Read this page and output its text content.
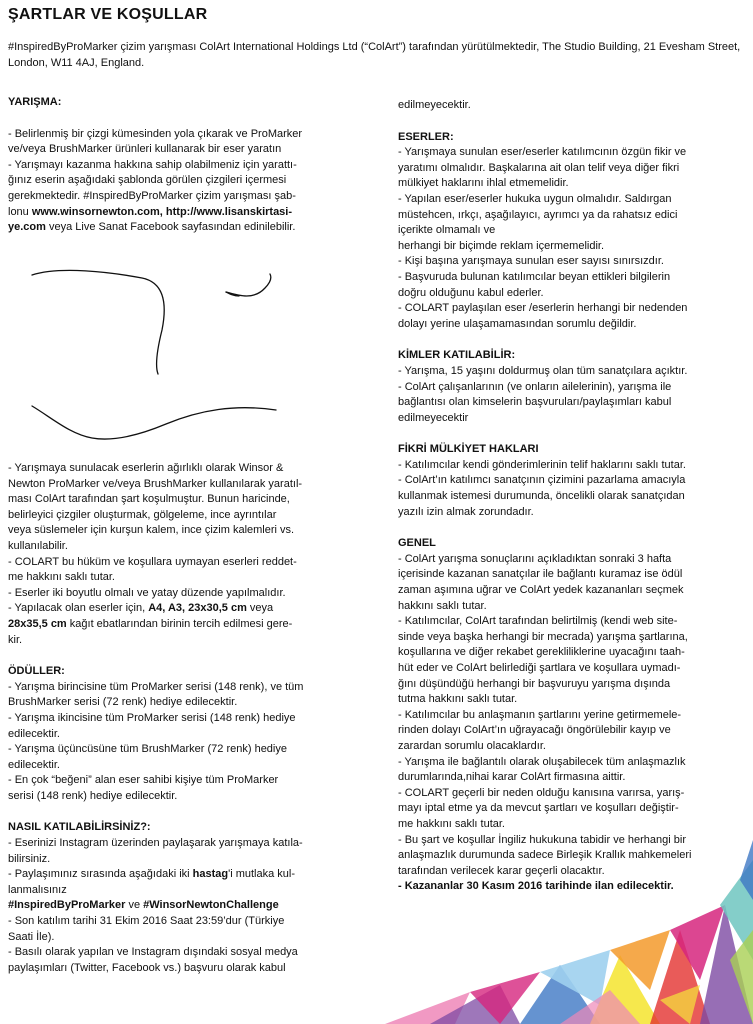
ŞARTLAR VE KOŞULLAR

#InspiredByProMarker çizim yarışması ColArt International Holdings Ltd (“ColArt”) tarafından yürütülmektedir, The Studio Building, 21 Evesham Street, London, W11 4AJ, England.

YARIŞMA:

- Belirlenmiş bir çizgi kümesinden yola çıkarak ve ProMarker

ve/veya BrushMarker ürünleri kullanarak bir eser yaratın

- Yarışmayı kazanma hakkına sahip olabilmeniz için yarattı-

ğınız eserin aşağıdaki şablonda görülen çizgileri içermesi

gerekmektedir. #InspiredByProMarker çizim yarışması şab-

lonu www.winsornewton.com, http://www.lisanskirtasi-

ye.com veya Live Sanat Facebook sayfasından edinilebilir.

- Yarışmaya sunulacak eserlerin ağırlıklı olarak Winsor &

Newton ProMarker ve/veya BrushMarker kullanılarak yaratıl-

ması ColArt tarafından şart koşulmuştur. Bunun haricinde,

belirleyici çizgiler oluşturmak, gölgeleme, ince ayrıntılar

veya süslemeler için kurşun kalem, ince çizim kalemleri vs.

kullanılabilir.

- COLART bu hüküm ve koşullara uymayan eserleri reddet-

me hakkını saklı tutar.

- Eserler iki boyutlu olmalı ve yatay düzende yapılmalıdır.

- Yapılacak olan eserler için, A4, A3, 23x30,5 cm veya

28x35,5 cm kağıt ebatlarından birinin tercih edilmesi gere-

kir.

ÖDÜLLER:

- Yarışma birincisine tüm ProMarker serisi (148 renk), ve tüm

BrushMarker serisi (72 renk) hediye edilecektir.

- Yarışma ikincisine tüm ProMarker serisi (148 renk) hediye

edilecektir.

- Yarışma üçüncüsüne tüm BrushMarker (72 renk) hediye

edilecektir.

- En çok “beğeni” alan eser sahibi kişiye tüm ProMarker

serisi (148 renk) hediye edilecektir.

NASIL KATILABİLİRSİNİZ?:

- Eserinizi Instagram üzerinden paylaşarak yarışmaya katıla-

bilirsiniz.

- Paylaşımınız sırasında aşağıdaki iki hastag'i mutlaka kul-

lanmalısınız

#InspiredByProMarker ve #WinsorNewtonChallenge

- Son katılım tarihi 31 Ekim 2016 Saat 23:59’dur (Türkiye

Saati İle).

- Basılı olarak yapılan ve Instagram dışındaki sosyal medya

paylaşımları (Twitter, Facebook vs.) başvuru olarak kabul

edilmeyecektir.

ESERLER:

- Yarışmaya sunulan eser/eserler katılımcının özgün fikir ve

yaratımı olmalıdır. Başkalarına ait olan telif veya diğer fikri

mülkiyet haklarını ihlal etmemelidir.

- Yapılan eser/eserler hukuka uygun olmalıdır. Saldırgan

müstehcen, ırkçı, aşağılayıcı, ayrımcı ya da rahatsız edici

içerikte olmamalı ve

herhangi bir biçimde reklam içermemelidir.

- Kişi başına yarışmaya sunulan eser sayısı sınırsızdır.

- Başvuruda bulunan katılımcılar beyan ettikleri bilgilerin

doğru olduğunu kabul ederler.

- COLART paylaşılan eser /eserlerin herhangi bir nedenden

dolayı yerine ulaşamamasından sorumlu değildir.

KİMLER KATILABİLİR:

- Yarışma, 15 yaşını doldurmuş olan tüm sanatçılara açıktır.

- ColArt çalışanlarının (ve onların ailelerinin), yarışma ile

bağlantısı olan kimselerin başvuruları/paylaşımları kabul

edilmeyecektir

FİKRİ MÜLKİYET HAKLARI

- Katılımcılar kendi gönderimlerinin telif haklarını saklı tutar.

- ColArt’ın katılımcı sanatçının çizimini pazarlama amacıyla

kullanmak istemesi durumunda, öncelikli olarak sanatçıdan

yazılı izin almak zorundadır.

GENEL

- ColArt yarışma sonuçlarını açıkladıktan sonraki 3 hafta

içerisinde kazanan sanatçılar ile bağlantı kuramaz ise ödül

zaman aşımına uğrar ve ColArt yedek kazananları seçmek

hakkını saklı tutar.

- Katılımcılar, ColArt tarafından belirtilmiş (kendi web site-

sinde veya başka herhangi bir mecrada) yarışma şartlarına,

koşullarına ve diğer rekabet gerekliliklerine uyacağını taah-

hüt eder ve ColArt belirlediği şartlara ve koşullara uymadı-

ğını düşündüğü herhangi bir başvuruyu yarışma dışında

tutma hakkını saklı tutar.

- Katılımcılar bu anlaşmanın şartlarını yerine getirmemele-

rinden dolayı ColArt’ın uğrayacağı öngörülebilir kayıp ve

zarardan sorumlu olacaklardır.

- Yarışma ile bağlantılı olarak oluşabilecek tüm anlaşmazlık

durumlarında,nihai karar ColArt firmasına aittir.

- COLART geçerli bir neden olduğu kanısına varırsa, yarış-

mayı iptal etme ya da mevcut şartları ve koşulları değiştir-

me hakkını saklı tutar.

- Bu şart ve koşullar İngiliz hukukuna tabidir ve herhangi bir

anlaşmazlık durumunda sadece Birleşik Krallık mahkemeleri

tarafından verilecek karar geçerli olacaktır.

- Kazananlar 30 Kasım 2016 tarihinde ilan edilecektir.
